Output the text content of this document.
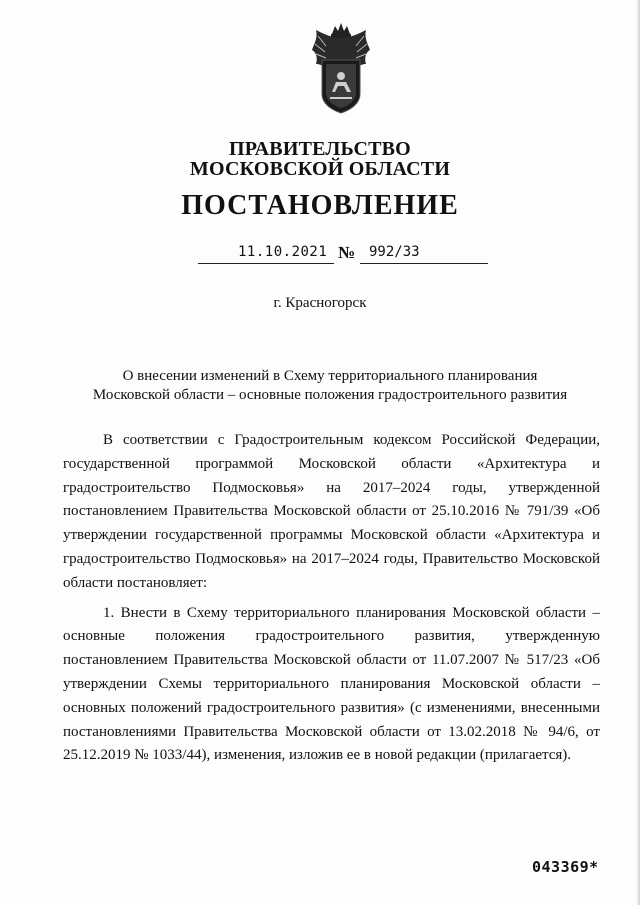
ПРАВИТЕЛЬСТВО
МОСКОВСКОЙ ОБЛАСТИ
ПОСТАНОВЛЕНИЕ
11.10.2021 № 992/33
г. Красногорск
О внесении изменений в Схему территориального планирования
Московской области – основные положения градостроительного развития

В соответствии с Градостроительным кодексом Российской Федерации, государственной программой Московской области «Архитектура и градостроительство Подмосковья» на 2017–2024 годы, утвержденной постановлением Правительства Московской области от 25.10.2016 № 791/39 «Об утверждении государственной программы Московской области «Архитектура и градостроительство Подмосковья» на 2017–2024 годы, Правительство Московской области постановляет:

1. Внести в Схему территориального планирования Московской области – основные положения градостроительного развития, утвержденную постановлением Правительства Московской области от 11.07.2007 № 517/23 «Об утверждении Схемы территориального планирования Московской области – основных положений градостроительного развития» (с изменениями, внесенными постановлениями Правительства Московской области от 13.02.2018 № 94/6, от 25.12.2019 № 1033/44), изменения, изложив ее в новой редакции (прилагается).

043369*
